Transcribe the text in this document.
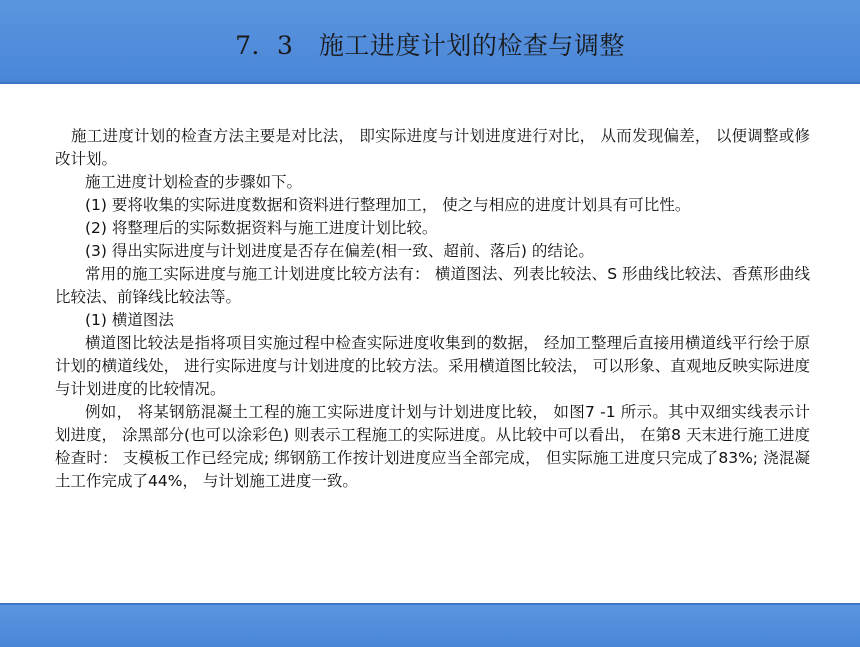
7．3　施工进度计划的检查与调整

施工进度计划的检查方法主要是对比法， 即实际进度与计划进度进行对比， 从而发现偏差， 以便调整或修改计划。

施工进度计划检查的步骤如下。

(1) 要将收集的实际进度数据和资料进行整理加工， 使之与相应的进度计划具有可比性。

(2) 将整理后的实际数据资料与施工进度计划比较。

(3) 得出实际进度与计划进度是否存在偏差(相一致、超前、落后) 的结论。

常用的施工实际进度与施工计划进度比较方法有： 横道图法、列表比较法、S 形曲线比较法、香蕉形曲线比较法、前锋线比较法等。

(1) 横道图法

横道图比较法是指将项目实施过程中检查实际进度收集到的数据， 经加工整理后直接用横道线平行绘于原计划的横道线处， 进行实际进度与计划进度的比较方法。采用横道图比较法， 可以形象、直观地反映实际进度与计划进度的比较情况。

例如， 将某钢筋混凝土工程的施工实际进度计划与计划进度比较， 如图7 -1 所示。其中双细实线表示计划进度， 涂黑部分(也可以涂彩色) 则表示工程施工的实际进度。从比较中可以看出， 在第8 天末进行施工进度检查时： 支模板工作已经完成; 绑钢筋工作按计划进度应当全部完成， 但实际施工进度只完成了83%; 浇混凝土工作完成了44%， 与计划施工进度一致。
